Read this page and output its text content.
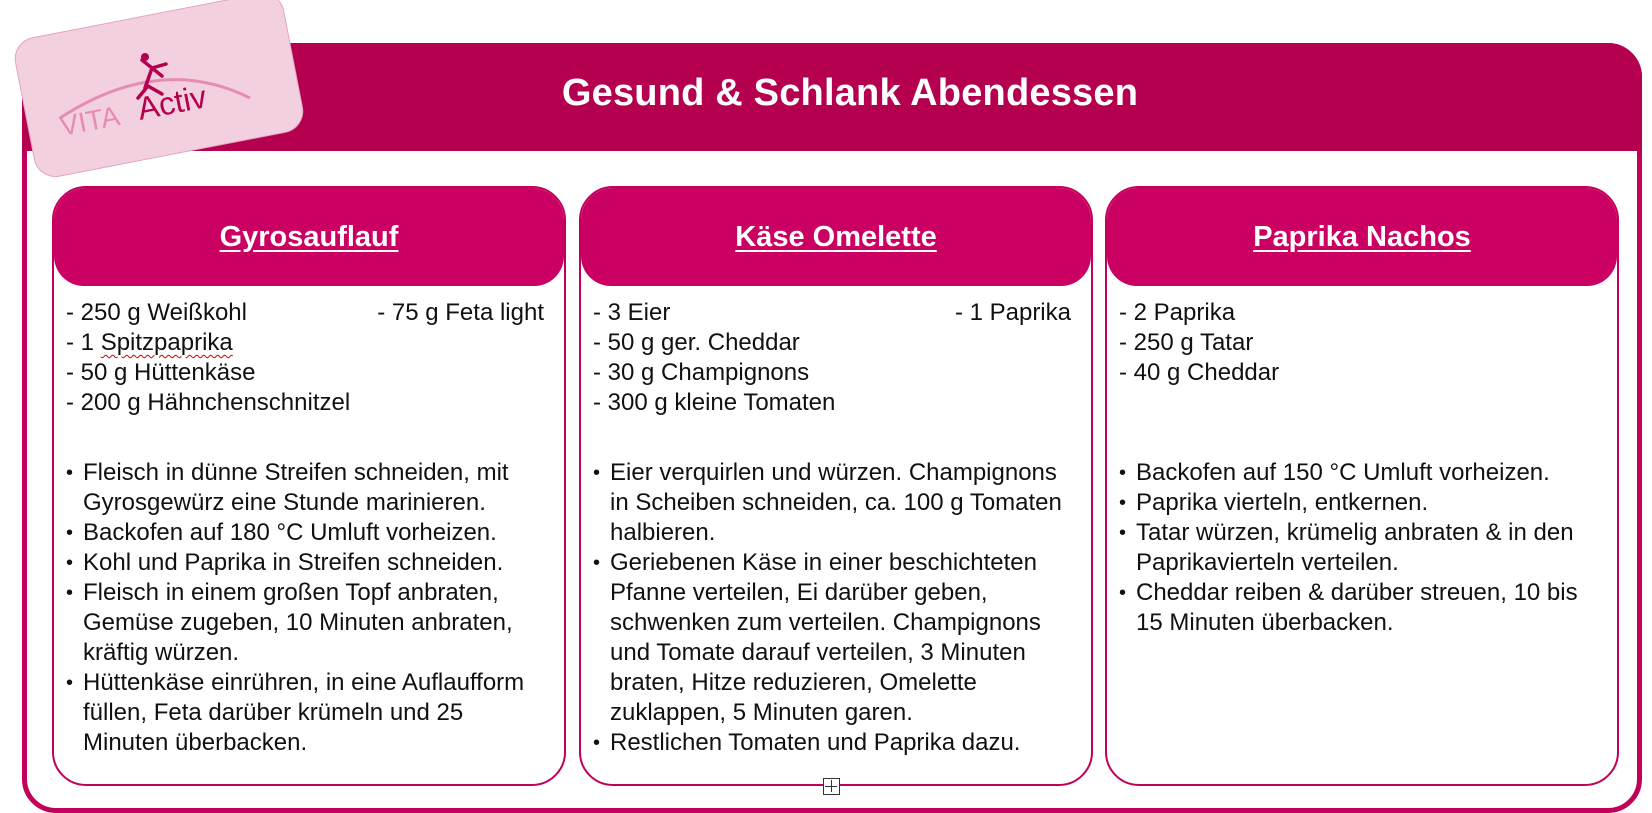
Gesund & Schlank Abendessen
VITA Activ
Gyrosauflauf
- 250 g Weißkohl
- 1 Spitzpaprika
- 50 g Hüttenkäse
- 200 g Hähnchenschnitzel
- 75 g Feta light
• Fleisch in dünne Streifen schneiden, mit Gyrosgewürz eine Stunde marinieren.
• Backofen auf 180 °C Umluft vorheizen.
• Kohl und Paprika in Streifen schneiden.
• Fleisch in einem großen Topf anbraten, Gemüse zugeben, 10 Minuten anbraten, kräftig würzen.
• Hüttenkäse einrühren, in eine Auflaufform füllen, Feta darüber krümeln und 25 Minuten überbacken.
Käse Omelette
- 3 Eier
- 50 g ger. Cheddar
- 30 g Champignons
- 300 g kleine Tomaten
- 1 Paprika
• Eier verquirlen und würzen. Champignons in Scheiben schneiden, ca. 100 g Tomaten halbieren.
• Geriebenen Käse in einer beschichteten Pfanne verteilen, Ei darüber geben, schwenken zum verteilen. Champignons und Tomate darauf verteilen, 3 Minuten braten, Hitze reduzieren, Omelette zuklappen, 5 Minuten garen.
• Restlichen Tomaten und Paprika dazu.
Paprika Nachos
- 2 Paprika
- 250 g Tatar
- 40 g Cheddar
• Backofen auf 150 °C Umluft vorheizen.
• Paprika vierteln, entkernen.
• Tatar würzen, krümelig anbraten & in den Paprikavierteln verteilen.
• Cheddar reiben & darüber streuen, 10 bis 15 Minuten überbacken.
